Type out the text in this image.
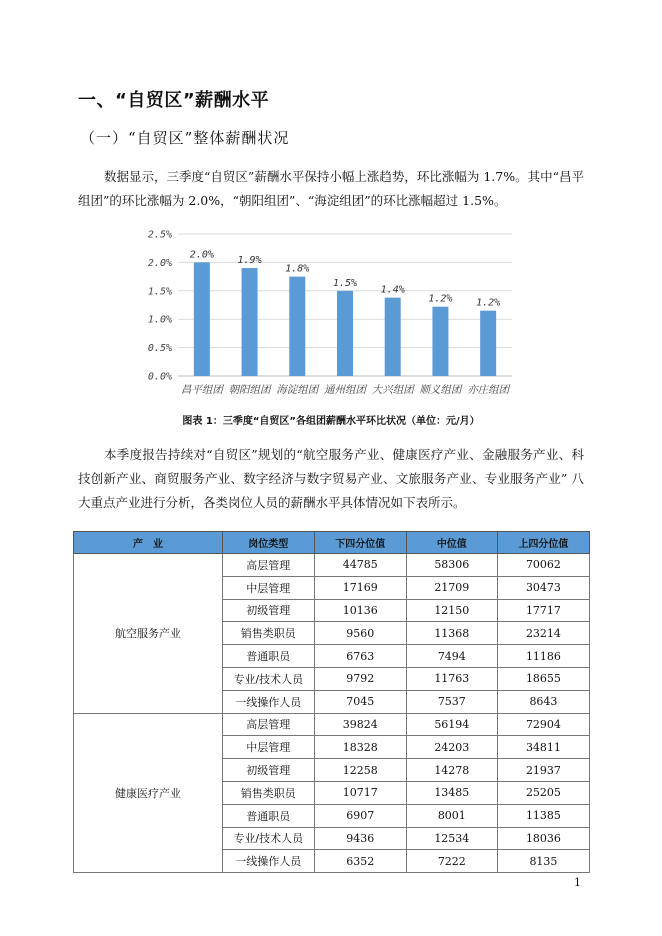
一、“自贸区”薪酬水平
（一）“自贸区”整体薪酬状况
数据显示，三季度“自贸区”薪酬水平保持小幅上涨趋势，环比涨幅为 1.7%。其中“昌平组团”的环比涨幅为 2.0%，“朝阳组团”、“海淀组团”的环比涨幅超过 1.5%。
2.0%
1.9%
1.8%
1.5%
1.4%
1.2% 1.2%
0.0%
0.5%
1.0%
1.5%
2.0%
2.5%
昌平组团 朝阳组团 海淀组团 通州组团 大兴组团 顺义组团 亦庄组团
图表 1：三季度“自贸区”各组团薪酬水平环比状况（单位：元/月）
本季度报告持续对“自贸区”规划的“航空服务产业、健康医疗产业、金融服务产业、科技创新产业、商贸服务产业、数字经济与数字贸易产业、文旅服务产业、专业服务产业” 八大重点产业进行分析，各类岗位人员的薪酬水平具体情况如下表所示。
产　业	岗位类型	下四分位值	中位值	上四分位值
航空服务产业	高层管理	44785	58306	70062
	中层管理	17169	21709	30473
	初级管理	10136	12150	17717
	销售类职员	9560	11368	23214
	普通职员	6763	7494	11186
	专业/技术人员	9792	11763	18655
	一线操作人员	7045	7537	8643
健康医疗产业	高层管理	39824	56194	72904
	中层管理	18328	24203	34811
	初级管理	12258	14278	21937
	销售类职员	10717	13485	25205
	普通职员	6907	8001	11385
	专业/技术人员	9436	12534	18036
	一线操作人员	6352	7222	8135
1
